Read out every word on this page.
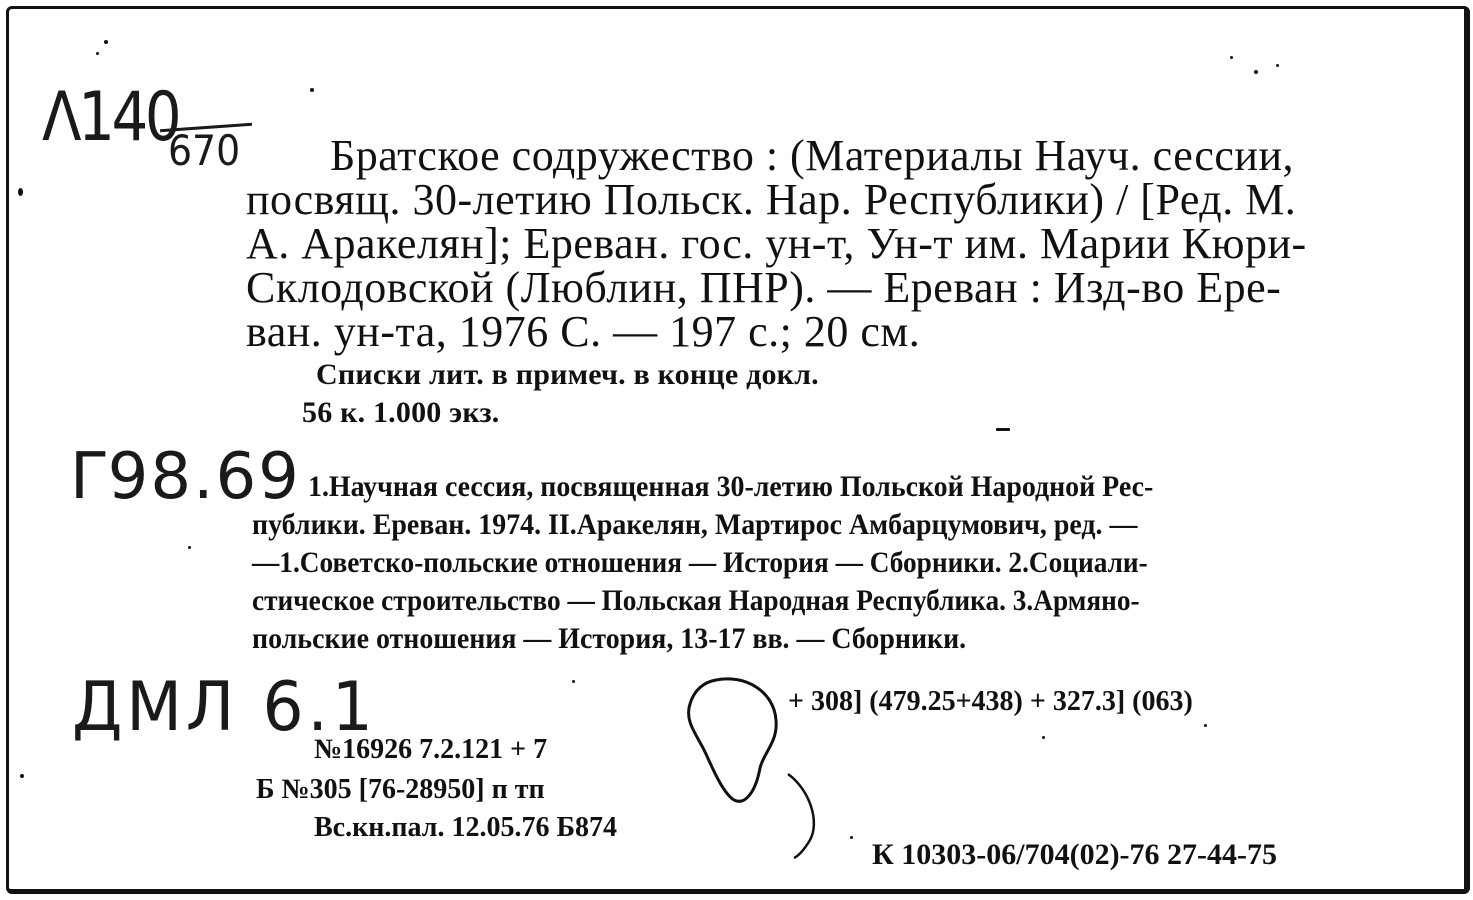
Λ140
670 Братское содружество : (Материалы Науч. сессии,
посвящ. 30-летию Польск. Нар. Республики) / [Ред. М.
А. Аракелян]; Ереван. гос. ун-т, Ун-т им. Марии Кюри-
Склодовской (Люблин, ПНР). — Ереван : Изд-во Ере-
ван. ун-та, 1976 С. — 197 с.; 20 см.
Списки лит. в примеч. в конце докл.
56 к. 1.000 экз.
Γ98.69 1.Научная сессия, посвященная 30-летию Польской Народной Рес-
публики. Ереван. 1974. II.Аракелян, Мартирос Амбарцумович, ред. —
—1.Советско-польские отношения — История — Сборники. 2.Социали-
стическое строительство — Польская Народная Республика. 3.Армяно-
польские отношения — История, 13-17 вв. — Сборники.
ДМЛ 6.1	+ 308] (479.25+438) + 327.3] (063)
№16926 7.2.121 + 7
Б №305 [76-28950] п тп
Вс.кн.пал. 12.05.76 Б874
К 10303-06/704(02)-76 27-44-75
